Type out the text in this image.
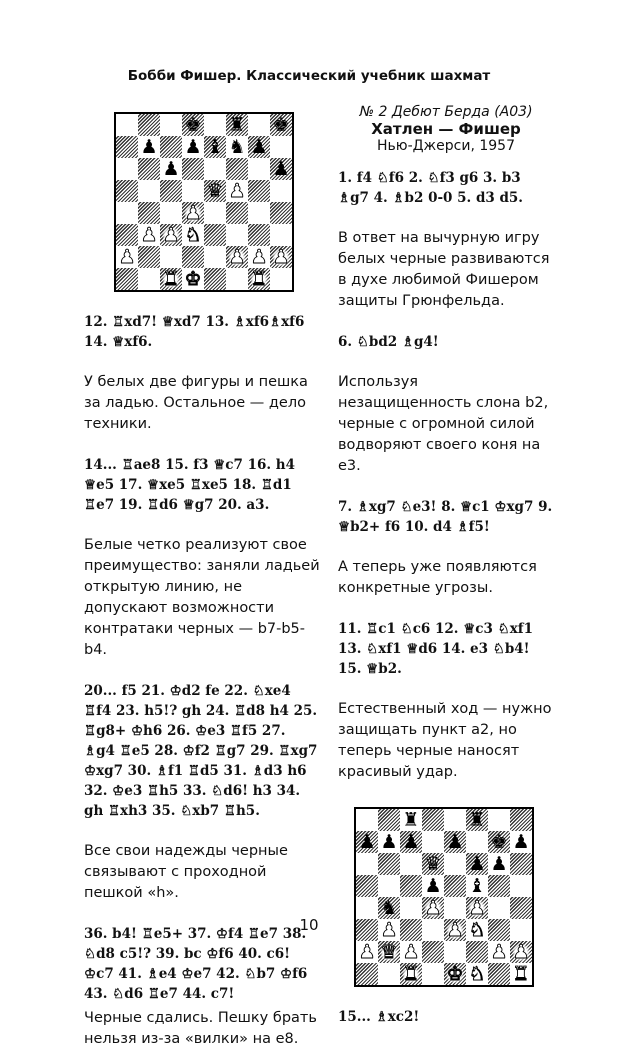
Бобби Фишер. Классический учебник шахмат
♚ ♜ ♚
♟ ♟ ♝ ♞ ♟
♟	♟
♛ ♟
♟
♟ ♟ ♞
♟	♟ ♟ ♟
♜ ♚	♜

12. ♖xd7! ♕xd7 13. ♗xf6♗xf6 14. ♕xf6.

У белых две фигуры и пешка за ладью. Остальное — дело техники.

14... ♖ae8 15. f3 ♕c7 16. h4 ♕e5 17. ♕xe5 ♖xe5 18. ♖d1 ♖e7 19. ♖d6 ♕g7 20. a3.

Белые четко реализуют свое преимущество: заняли ладьей открытую линию, не допускают возможности контратаки черных — b7-b5-b4.

20... f5 21. ♔d2 fe 22. ♘xe4 ♖f4 23. h5!? gh 24. ♖d8 h4 25. ♖g8+ ♔h6 26. ♔e3 ♖f5 27. ♗g4 ♖e5 28. ♔f2 ♖g7 29. ♖xg7 ♔xg7 30. ♗f1 ♖d5 31. ♗d3 h6 32. ♔e3 ♖h5 33. ♘d6! h3 34. gh ♖xh3 35. ♘xb7 ♖h5.

Все свои надежды черные связывают с проходной пешкой «h».

36. b4! ♖e5+ 37. ♔f4 ♖e7 38. ♘d8 c5!? 39. bc ♔f6 40. c6! ♔c7 41. ♗e4 ♔e7 42. ♘b7 ♔f6 43. ♘d6 ♖e7 44. c7!

Черные сдались. Пешку брать нельзя из-за «вилки» на е8.

№ 2 Дебют Берда (A03)

Хатлен — Фишер

Нью-Джерси, 1957

1. f4 ♘f6 2. ♘f3 g6 3. b3 ♗g7 4. ♗b2 0-0 5. d3 d5.

В ответ на вычурную игру белых черные развиваются в духе любимой Фишером защиты Грюнфельда.

6. ♘bd2 ♗g4!

Используя незащищенность слона b2, черные с огромной силой водворяют своего коня на е3.

7. ♗xg7 ♘e3! 8. ♕c1 ♔xg7 9. ♕b2+ f6 10. d4 ♗f5!

А теперь уже появляются конкретные угрозы.

11. ♖c1 ♘c6 12. ♕c3 ♘xf1 13. ♘xf1 ♕d6 14. e3 ♘b4! 15. ♕b2.

Естественный ход — нужно защищать пункт а2, но теперь черные наносят красивый удар.

♜	♜
♟ ♟ ♟ ♟ ♚ ♟
♛ ♟ ♟
♟ ♝
♞ ♟ ♟
♟	♟ ♞
♟ ♛ ♟	♟ ♟
♜ ♚ ♞ ♜

15... ♗xc2!

10
